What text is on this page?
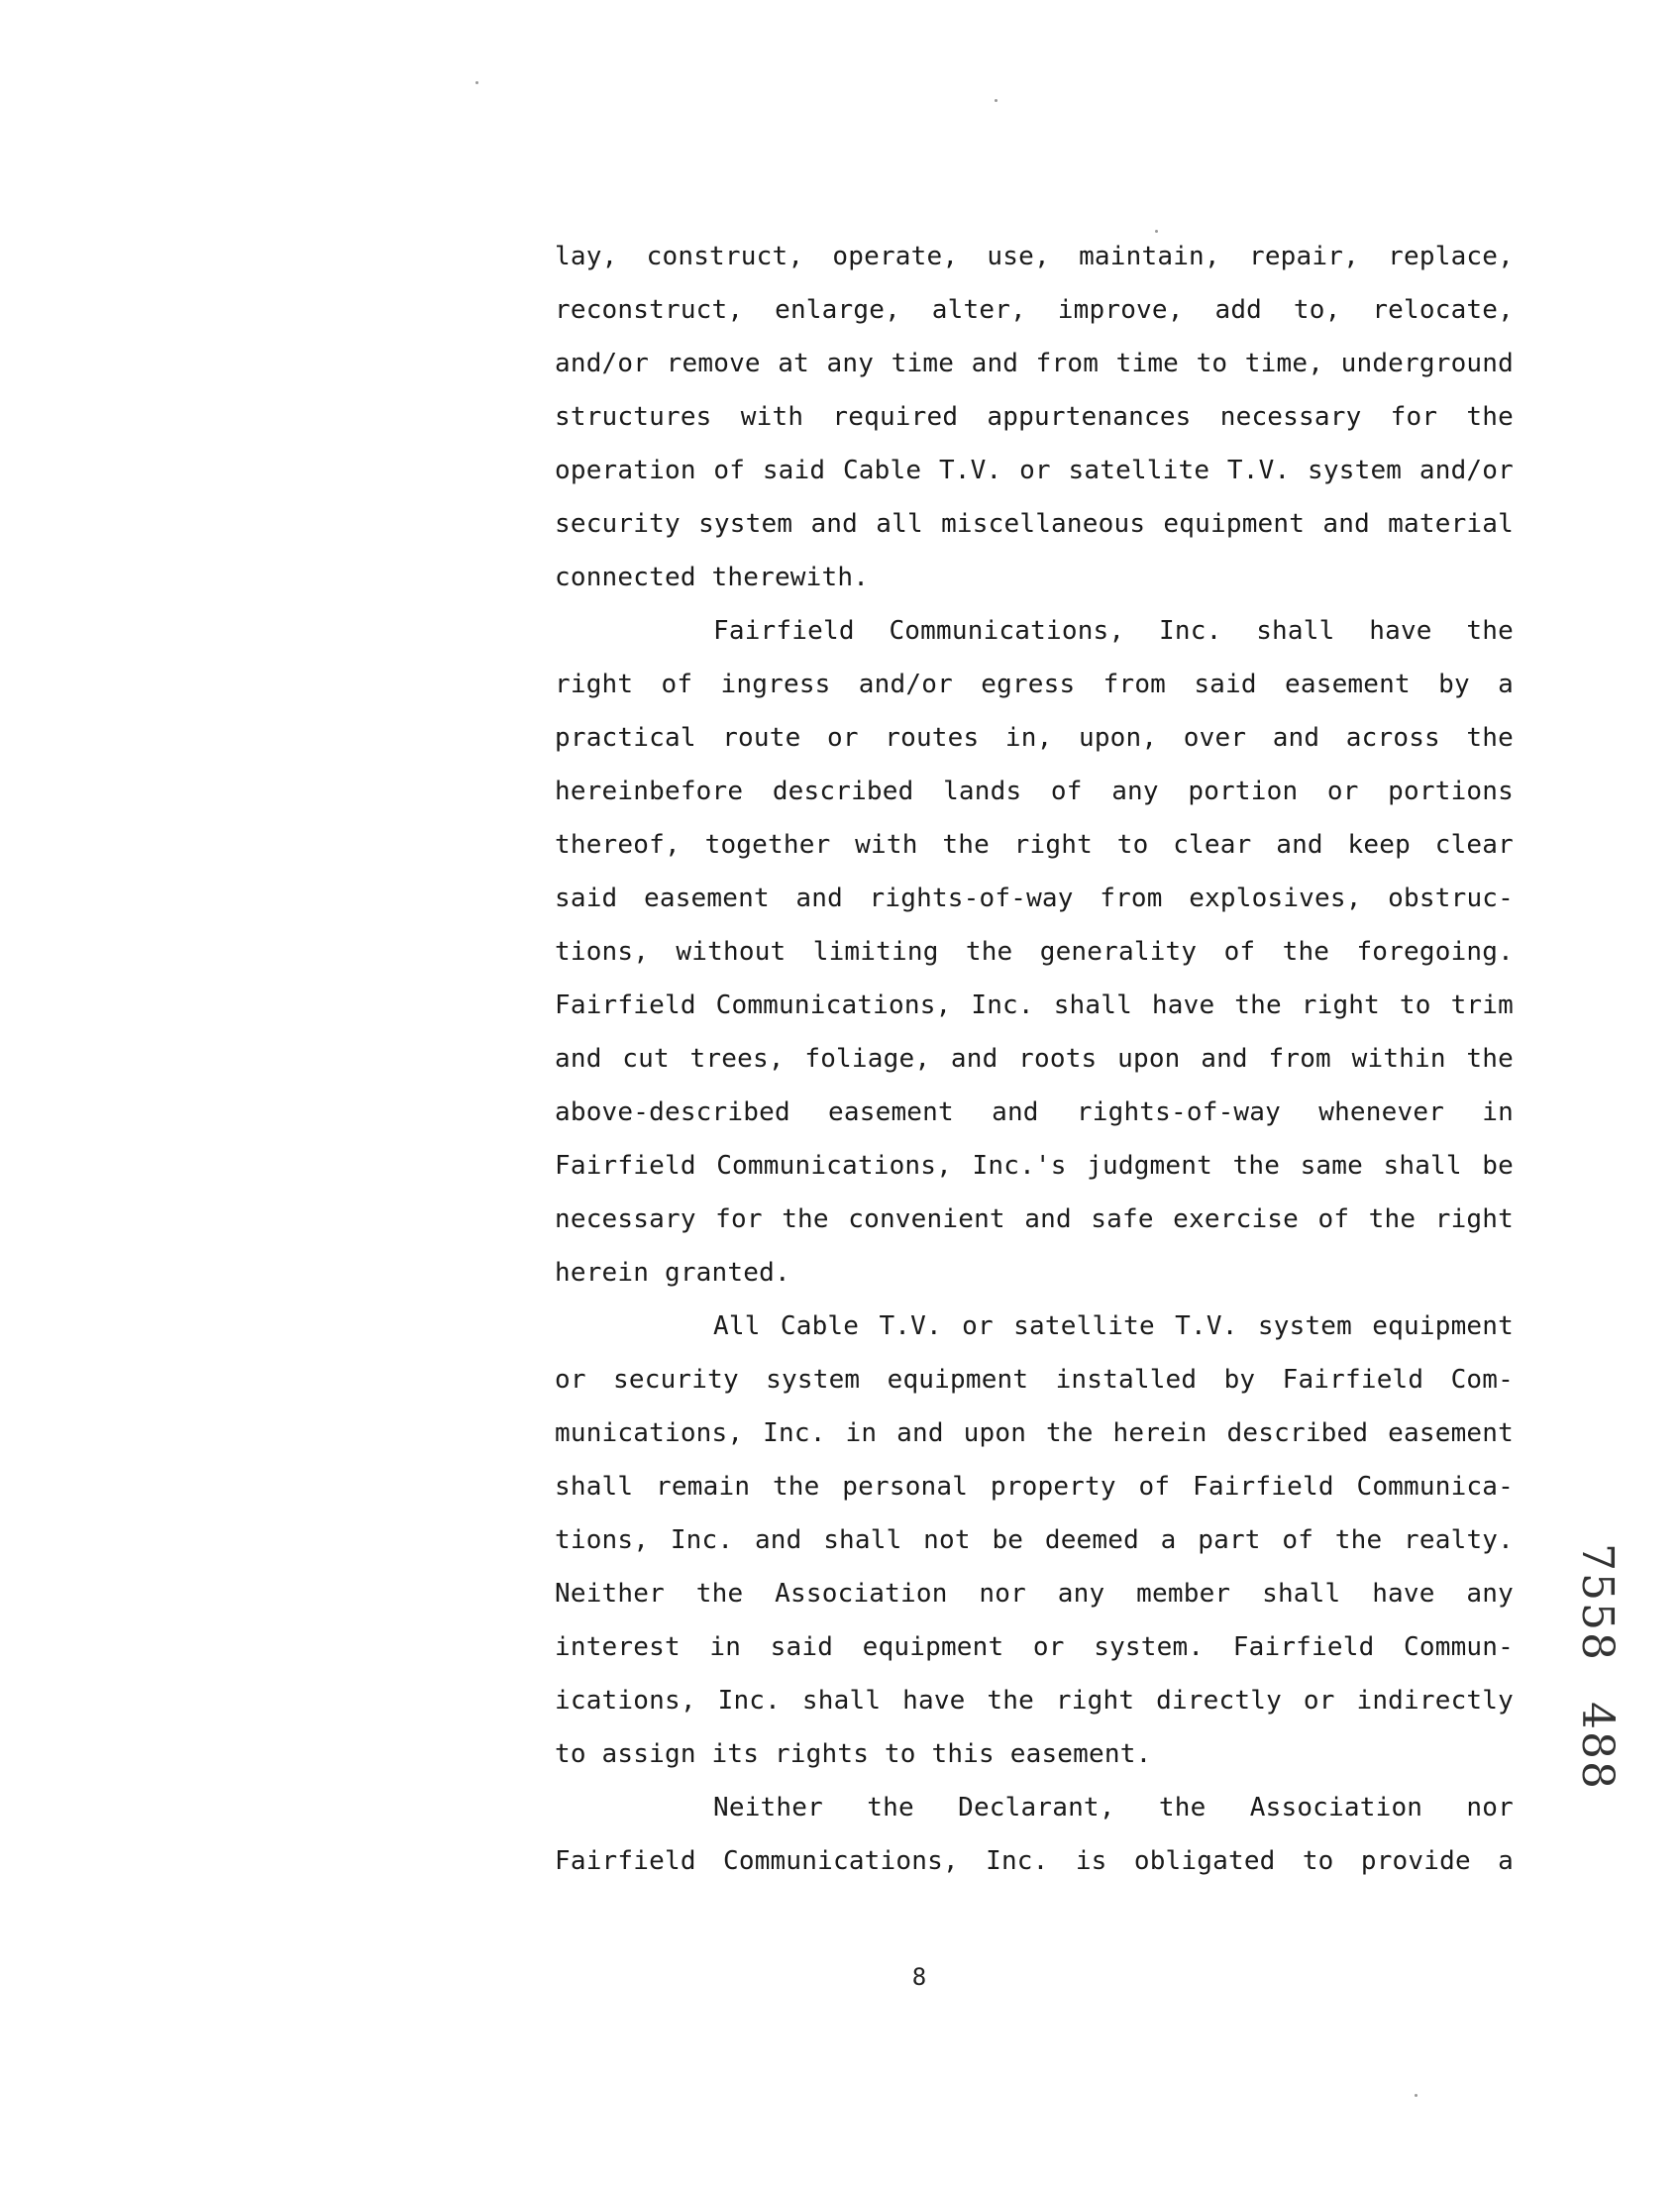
lay, construct, operate, use, maintain, repair, replace,
reconstruct, enlarge, alter, improve, add to, relocate,
and/or remove at any time and from time to time, underground
structures with required appurtenances necessary for the
operation of said Cable T.V. or satellite T.V. system and/or
security system and all miscellaneous equipment and material
connected therewith.
Fairfield Communications, Inc. shall have the
right of ingress and/or egress from said easement by a
practical route or routes in, upon, over and across the
hereinbefore described lands of any portion or portions
thereof, together with the right to clear and keep clear
said easement and rights-of-way from explosives, obstruc-
tions, without limiting the generality of the foregoing.
Fairfield Communications, Inc. shall have the right to trim
and cut trees, foliage, and roots upon and from within the
above-described easement and rights-of-way whenever in
Fairfield Communications, Inc.'s judgment the same shall be
necessary for the convenient and safe exercise of the right
herein granted.
All Cable T.V. or satellite T.V. system equipment
or security system equipment installed by Fairfield Com-
munications, Inc. in and upon the herein described easement
shall remain the personal property of Fairfield Communica-
tions, Inc. and shall not be deemed a part of the realty.
Neither the Association nor any member shall have any
interest in said equipment or system. Fairfield Commun-
ications, Inc. shall have the right directly or indirectly
to assign its rights to this easement.
Neither the Declarant, the Association nor
Fairfield Communications, Inc. is obligated to provide a
8
7558
488
